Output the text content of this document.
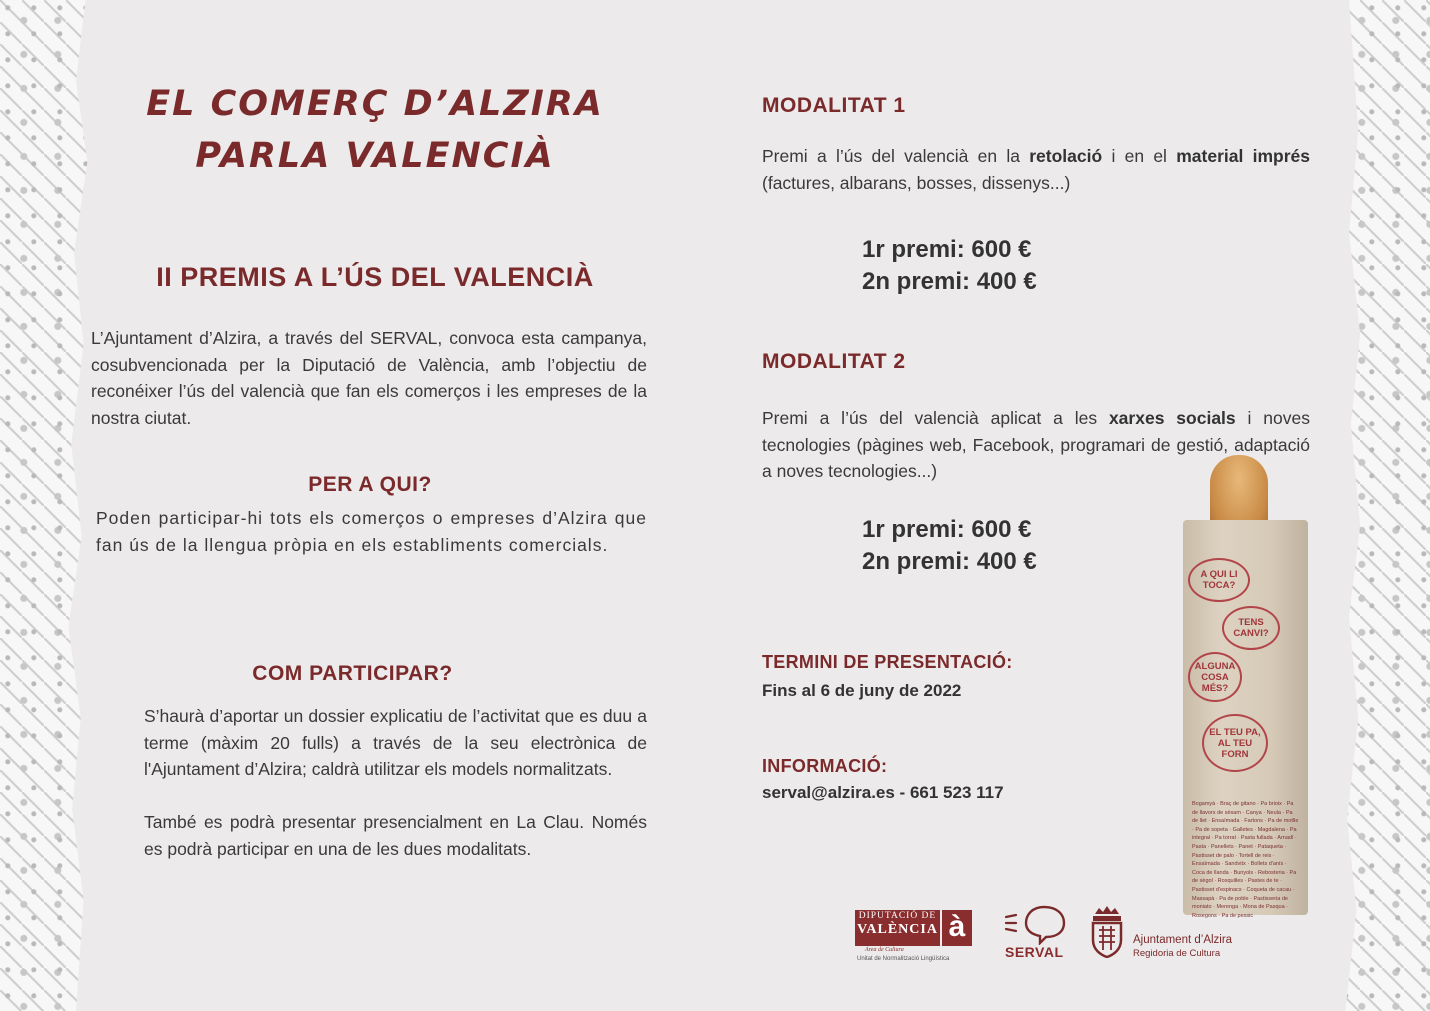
EL COMERÇ D’ALZIRA
PARLA VALENCIÀ
II PREMIS A L’ÚS DEL VALENCIÀ
L’Ajuntament d’Alzira, a través del SERVAL, convoca esta campanya, cosubvencionada per la Diputació de València, amb l’objectiu de reconéixer l’ús del valencià que fan els comerços i les empreses de la nostra ciutat.
PER A QUI?
Poden participar-hi tots els comerços o empreses d’Alzira que fan ús de la llengua pròpia en els establiments comercials.
COM PARTICIPAR?
S’haurà d’aportar un dossier explicatiu de l’activitat que es duu a terme (màxim 20 fulls) a través de la seu electrònica de l'Ajuntament d’Alzira; caldrà utilitzar els models normalitzats.
També es podrà presentar presencialment en La Clau. Només es podrà participar en una de les dues modalitats.
MODALITAT 1
Premi a l’ús del valencià en la retolació i en el material imprés (factures, albarans, bosses, dissenys...)
1r premi: 600 €
2n premi: 400 €
MODALITAT 2
Premi a l’ús del valencià aplicat a les xarxes socials i noves tecnologies (pàgines web, Facebook, programari de gestió, adaptació a noves tecnologies...)
1r premi: 600 €
2n premi: 400 €
TERMINI DE PRESENTACIÓ:
Fins al 6 de juny de 2022
INFORMACIÓ:
serval@alzira.es - 661 523 117
A QUI LI TOCA?
TENS CANVI?
ALGUNA COSA MÉS?
EL TEU PA, AL TEU FORN
Bogamyà · Braç de gitano · Pa brioix · Pa de llavors de sèsam · Canya · Neula · Pa de llet · Ensaïmada · Fartons · Pa de motlle · Pa de sopeta · Galletes · Magdalena · Pa integral · Pa torrat · Pasta fullada · Arnadí · Pasta · Panellets · Panet · Pataqueta · Pastisset de palo · Tortell de reis · Ensaïmada · Sandvitx · Bollets d'anís · Coca de llanda · Bunyols · Rebosteria · Pa de sègol · Rosquilles · Pastes de te · Pastisset d'espinacs · Coqueta de cacau · Massapà · Pa de poble · Pastisseria de moniato · Merenga · Mona de Pasqua · Rosegons · Pa de pessic
DIPUTACIÓ DE
VALÈNCIA à
Àrea de Cultura
Unitat de Normalització Lingüística	SERVAL
Ajuntament d’Alzira
Regidoria de Cultura
